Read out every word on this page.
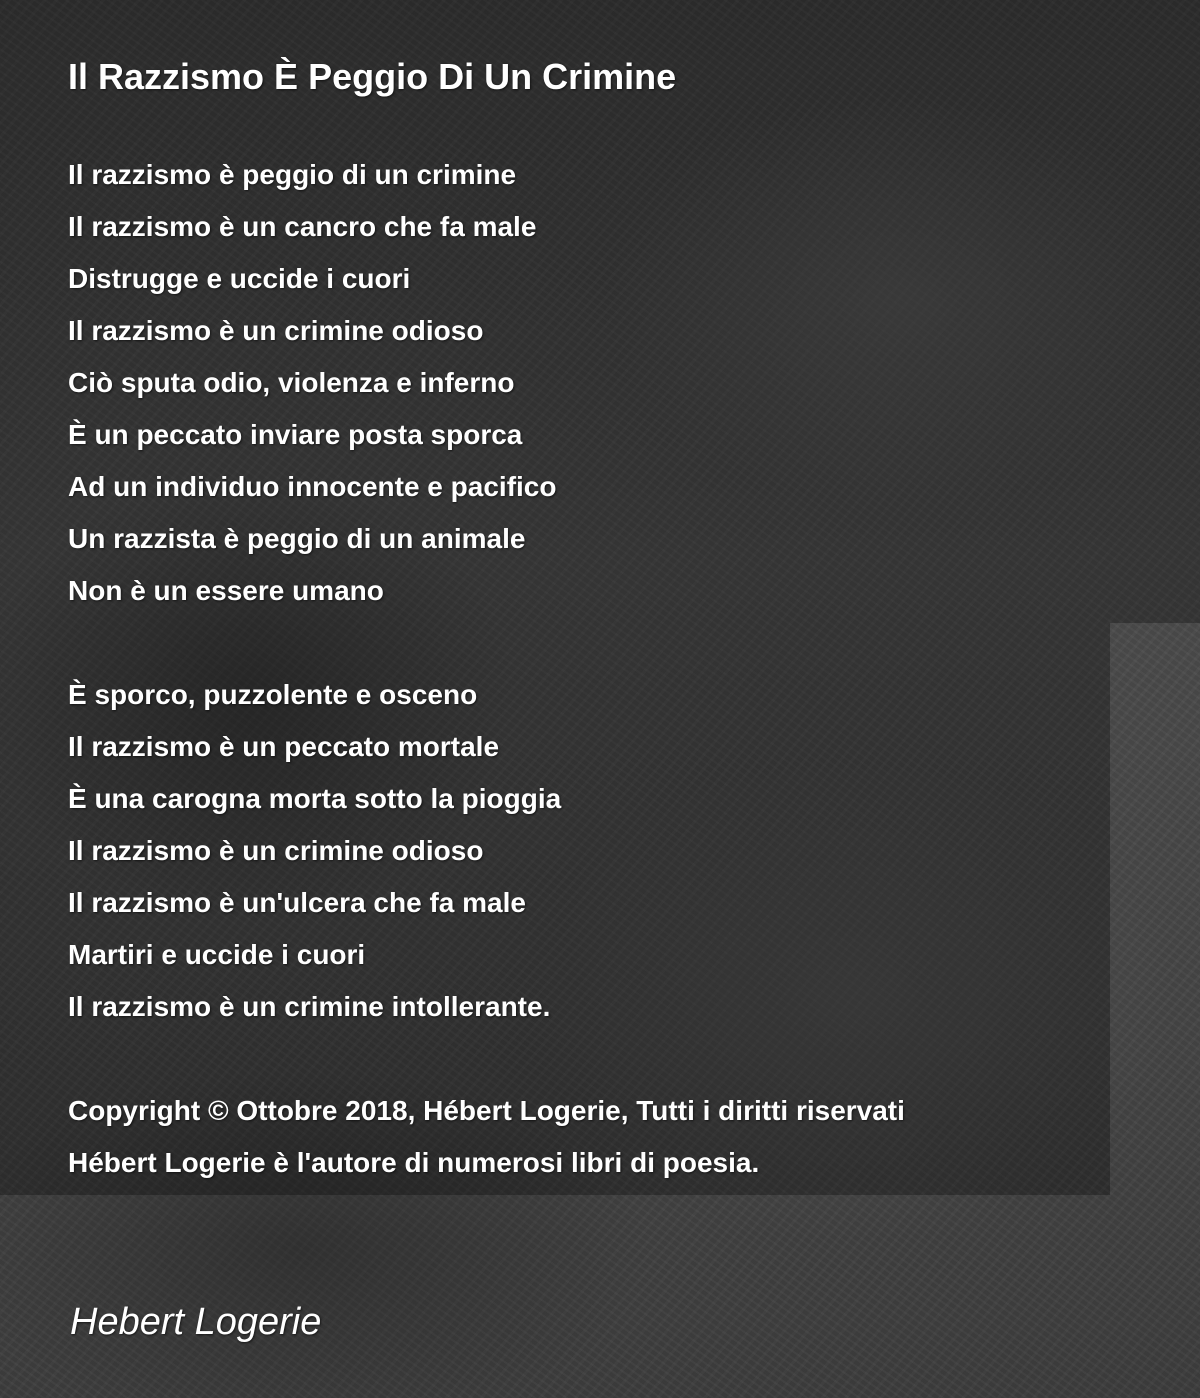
Il Razzismo È Peggio Di Un Crimine
Il razzismo è peggio di un crimine
Il razzismo è un cancro che fa male
Distrugge e uccide i cuori
Il razzismo è un crimine odioso
Ciò sputa odio, violenza e inferno
È un peccato inviare posta sporca
Ad un individuo innocente e pacifico
Un razzista è peggio di un animale
Non è un essere umano
È sporco, puzzolente e osceno
Il razzismo è un peccato mortale
È una carogna morta sotto la pioggia
Il razzismo è un crimine odioso
Il razzismo è un'ulcera che fa male
Martiri e uccide i cuori
Il razzismo è un crimine intollerante.
Copyright © Ottobre 2018, Hébert Logerie, Tutti i diritti riservati
Hébert Logerie è l'autore di numerosi libri di poesia.

Hebert Logerie
